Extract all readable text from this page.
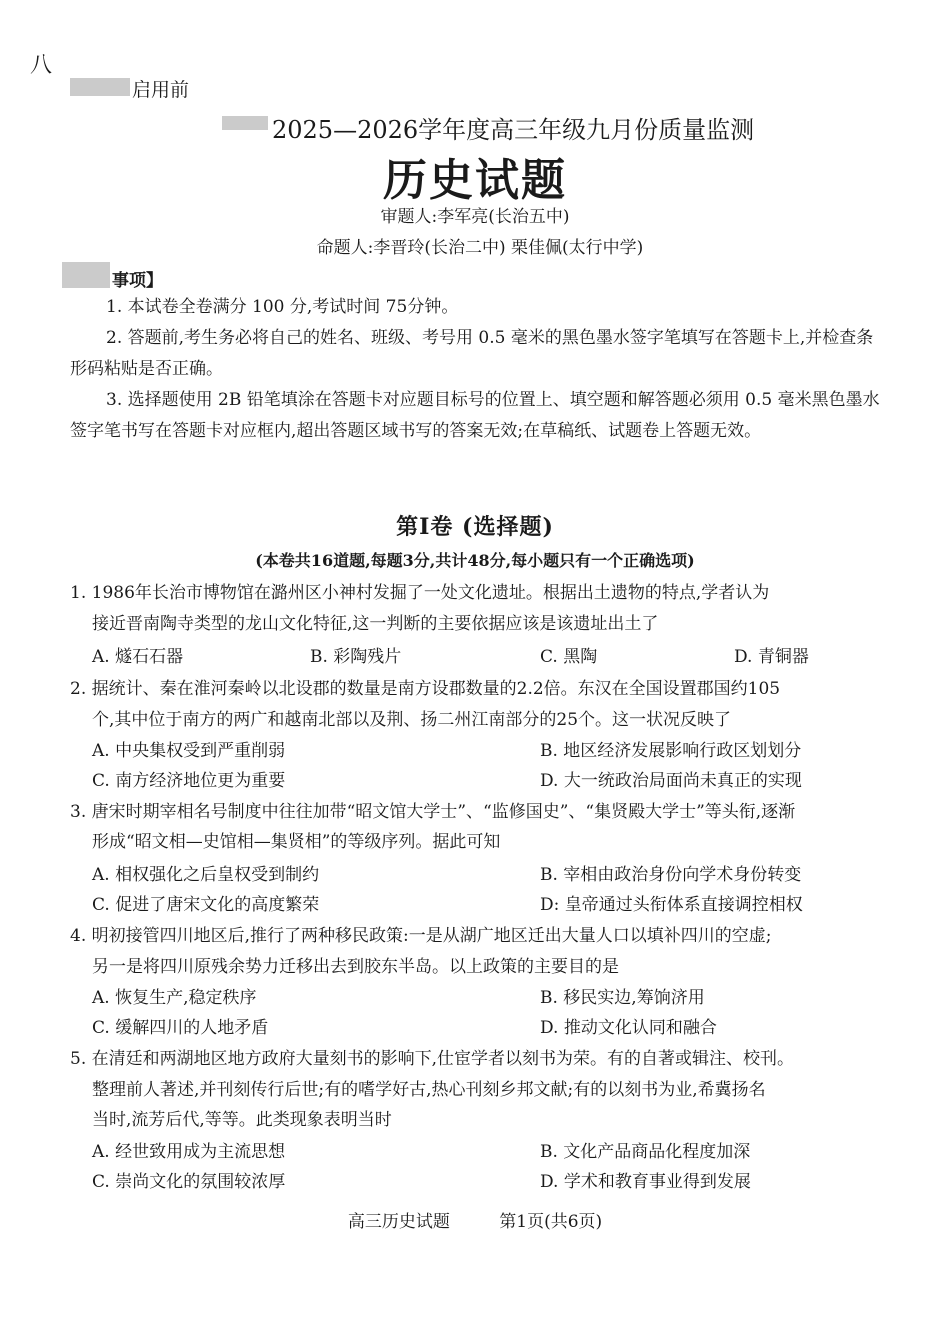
八
启用前
2025—2026学年度高三年级九月份质量监测
历史试题
审题人:李军亮(长治五中)
命题人:李晋玲(长治二中) 栗佳佩(太行中学)
事项】
1. 本试卷全卷满分 100 分,考试时间 75分钟。
2. 答题前,考生务必将自己的姓名、班级、考号用 0.5 毫米的黑色墨水签字笔填写在答题卡上,并检查条形码粘贴是否正确。
3. 选择题使用 2B 铅笔填涂在答题卡对应题目标号的位置上、填空题和解答题必须用 0.5 毫米黑色墨水签字笔书写在答题卡对应框内,超出答题区域书写的答案无效;在草稿纸、试题卷上答题无效。
第Ⅰ卷 (选择题)
(本卷共16道题,每题3分,共计48分,每小题只有一个正确选项)
1. 1986年长治市博物馆在潞州区小神村发掘了一处文化遗址。根据出土遗物的特点,学者认为
接近晋南陶寺类型的龙山文化特征,这一判断的主要依据应该是该遗址出土了
A. 燧石石器	B. 彩陶残片	C. 黑陶	D. 青铜器
2. 据统计、秦在淮河秦岭以北设郡的数量是南方设郡数量的2.2倍。东汉在全国设置郡国约105
个,其中位于南方的两广和越南北部以及荆、扬二州江南部分的25个。这一状况反映了
A. 中央集权受到严重削弱	B. 地区经济发展影响行政区划划分
C. 南方经济地位更为重要	D. 大一统政治局面尚未真正的实现
3. 唐宋时期宰相名号制度中往往加带“昭文馆大学士”、“监修国史”、“集贤殿大学士”等头衔,逐渐
形成“昭文相—史馆相—集贤相”的等级序列。据此可知
A. 相权强化之后皇权受到制约	B. 宰相由政治身份向学术身份转变
C. 促进了唐宋文化的高度繁荣	D: 皇帝通过头衔体系直接调控相权
4. 明初接管四川地区后,推行了两种移民政策:一是从湖广地区迁出大量人口以填补四川的空虚;
另一是将四川原残余势力迁移出去到胶东半岛。以上政策的主要目的是
A. 恢复生产,稳定秩序	B. 移民实边,筹饷济用
C. 缓解四川的人地矛盾	D. 推动文化认同和融合
5. 在清廷和两湖地区地方政府大量刻书的影响下,仕宦学者以刻书为荣。有的自著或辑注、校刊。
整理前人著述,并刊刻传行后世;有的嗜学好古,热心刊刻乡邦文献;有的以刻书为业,希冀扬名
当时,流芳后代,等等。此类现象表明当时
A. 经世致用成为主流思想	B. 文化产品商品化程度加深
C. 崇尚文化的氛围较浓厚	D. 学术和教育事业得到发展
高三历史试题	第1页(共6页)
